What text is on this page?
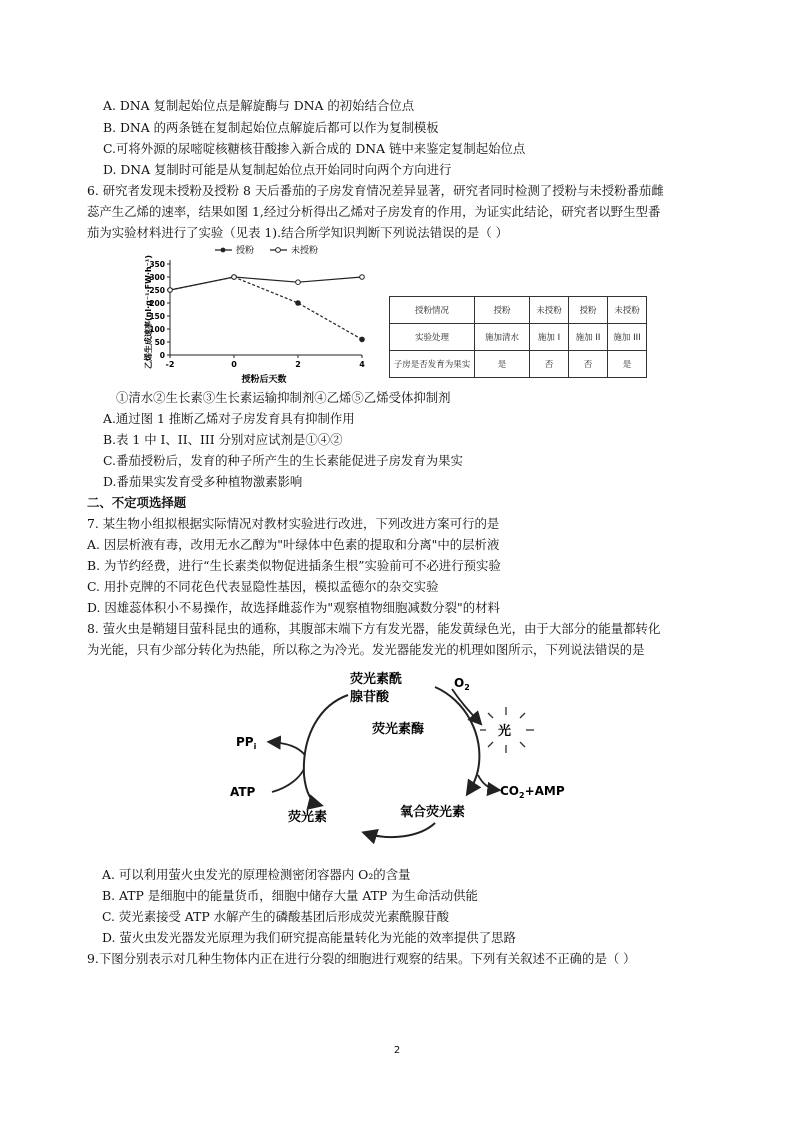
A. DNA 复制起始位点是解旋酶与 DNA 的初始结合位点
B. DNA 的两条链在复制起始位点解旋后都可以作为复制模板
C.可将外源的尿嘧啶核糖核苷酸掺入新合成的 DNA 链中来鉴定复制起始位点
D. DNA 复制时可能是从复制起始位点开始同时向两个方向进行
6. 研究者发现未授粉及授粉 8 天后番茄的子房发育情况差异显著，研究者同时检测了授粉与未授粉番茄雌
蕊产生乙烯的速率，结果如图 1,经过分析得出乙烯对子房发育的作用，为证实此结论，研究者以野生型番
茄为实验材料进行了实验（见表 1).结合所学知识判断下列说法错误的是（ ）
授粉	未授粉
乙烯生成速率(nl·g⁻¹·FW·h⁻¹)
授粉后天数
0
50
100
150
200
250
300
350
-2	0	2	4
授粉情况	授粉	未授粉	授粉	未授粉
实验处理	施加清水	施加 I	施加 II	施加 III
子房是否发育为果实	是	否	否	是
①清水②生长素③生长素运输抑制剂④乙烯⑤乙烯受体抑制剂
A.通过图 1 推断乙烯对子房发育具有抑制作用
B.表 1 中 I、II、III 分别对应试剂是①④②
C.番茄授粉后，发育的种子所产生的生长素能促进子房发育为果实
D.番茄果实发育受多种植物激素影响
二、不定项选择题
7. 某生物小组拟根据实际情况对教材实验进行改进，下列改进方案可行的是
A. 因层析液有毒，改用无水乙醇为"叶绿体中色素的提取和分离"中的层析液
B. 为节约经费，进行“生长素类似物促进插条生根”实验前可不必进行预实验
C. 用扑克牌的不同花色代表显隐性基因，模拟孟德尔的杂交实验
D. 因雄蕊体积小不易操作，故选择雌蕊作为"观察植物细胞减数分裂"的材料
8. 萤火虫是鞘翅目萤科昆虫的通称，其腹部末端下方有发光器，能发黄绿色光，由于大部分的能量都转化
为光能，只有少部分转化为热能，所以称之为冷光。发光器能发光的机理如图所示，下列说法错误的是
荧光素酰
腺苷酸
$O_2$
荧光素酶	光
$PP_i$
ATP	$CO_2+AMP$
荧光素	氧合荧光素
A. 可以利用萤火虫发光的原理检测密闭容器内 O₂的含量
B. ATP 是细胞中的能量货币，细胞中储存大量 ATP 为生命活动供能
C. 荧光素接受 ATP 水解产生的磷酸基团后形成荧光素酰腺苷酸
D. 萤火虫发光器发光原理为我们研究提高能量转化为光能的效率提供了思路
9.下图分别表示对几种生物体内正在进行分裂的细胞进行观察的结果。下列有关叙述不正确的是（ ）
2
